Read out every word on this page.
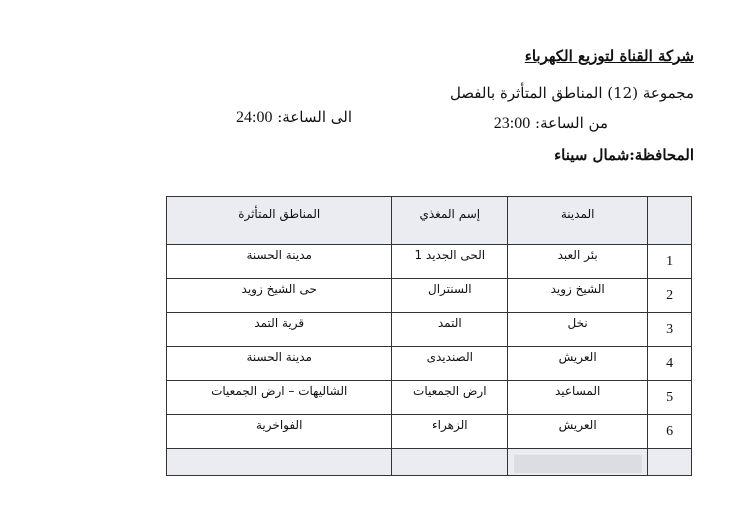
شركة القناة لتوزيع الكهرباء
مجموعة (12) المناطق المتأثرة بالفصل
من الساعة: 23:00
الى الساعة: 24:00
المحافظة:شمال سيناء
	المدينة	إسم المغذي	المناطق المتأثرة
1	بئر العبد	الحى الجديد 1	مدينة الحسنة
2	الشيخ زويد	السنترال	حى الشيخ زويد
3	نخل	التمد	قرية التمد
4	العريش	الصنديدى	مدينة الحسنة
5	المساعيد	ارض الجمعيات	الشاليهات – ارض الجمعيات
6	العريش	الزهراء	الفواخرية
